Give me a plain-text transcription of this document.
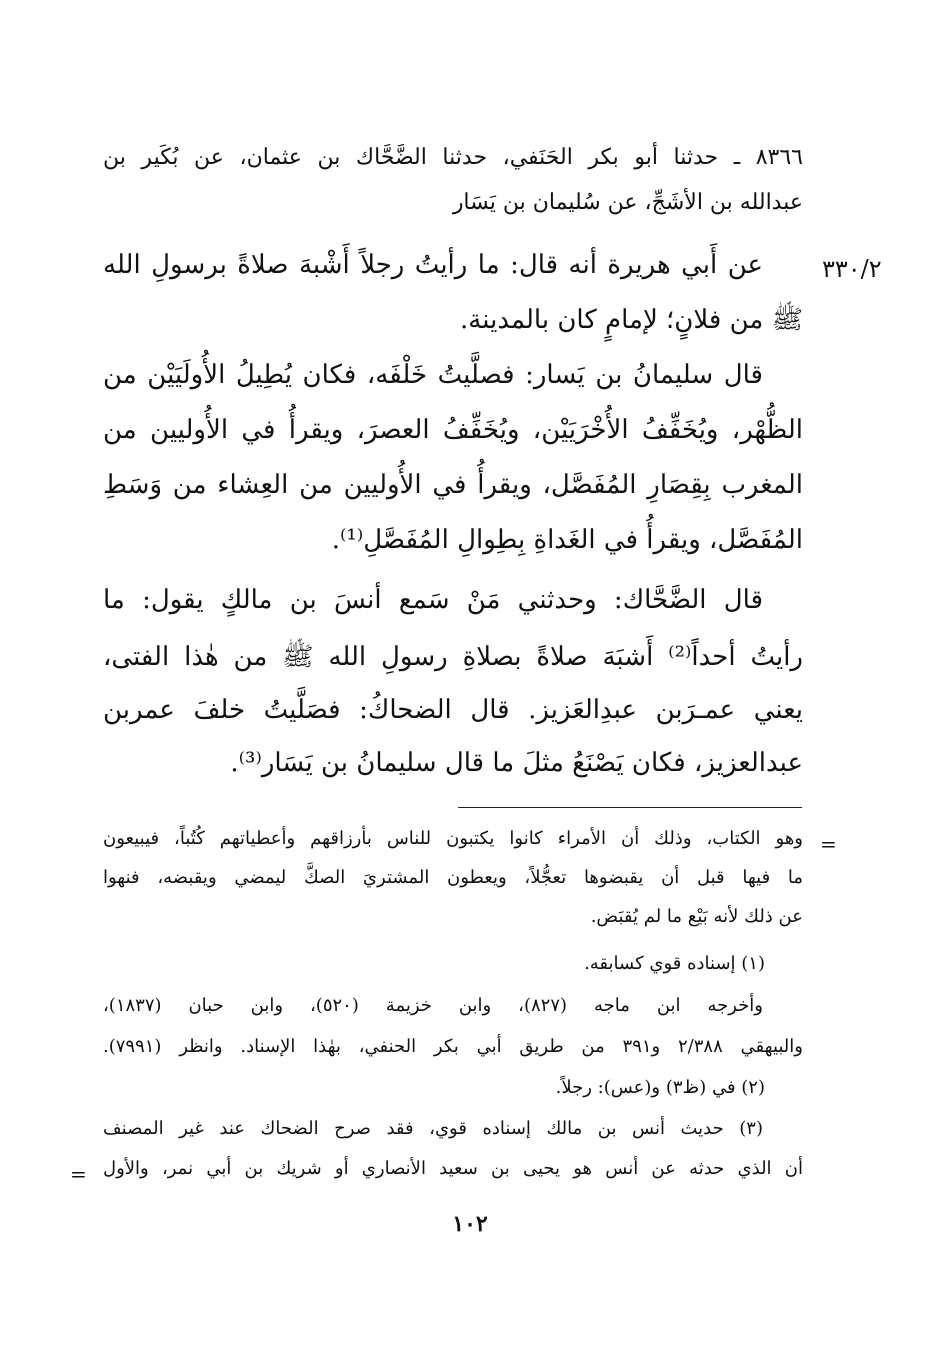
٨٣٦٦ ـ حدثنا أبو بكر الحَنَفي، حدثنا الضَّحَّاك بن عثمان، عن بُكَير بن
عبدالله بن الأشَجِّ، عن سُليمان بن يَسَار
٣٣٠/٢
عن أَبي هريرة أنه قال: ما رأيتُ رجلاً أَشْبهَ صلاةً برسولِ الله
ﷺ من فلانٍ؛ لإمامٍ كان بالمدينة.
قال سليمانُ بن يَسار: فصلَّيتُ خَلْفَه، فكان يُطِيلُ الأُولَيَيْن من
الظُّهْر، ويُخَفِّفُ الأُخْرَيَيْن، ويُخَفِّفُ العصرَ، ويقرأُ في الأُوليين من
المغرب بِقِصَارِ المُفَصَّل، ويقرأُ في الأُوليين من العِشاء من وَسَطِ
المُفَصَّل، ويقرأُ في الغَداةِ بِطِوالِ المُفَصَّلِ⁽¹⁾.
قال الضَّحَّاك: وحدثني مَنْ سَمع أنسَ بن مالكٍ يقول: ما
رأيتُ أحداً⁽²⁾ أَشبَهَ صلاةً بصلاةِ رسولِ الله ﷺ من هٰذا الفتى،
يعني عمـرَبن عبدِالعَزيز. قال الضحاكُ: فصَلَّيتُ خلفَ عمربن
عبدالعزيز، فكان يَصْنَعُ مثلَ ما قال سليمانُ بن يَسَار⁽³⁾.
=
وهو الكتاب، وذلك أن الأمراء كانوا يكتبون للناس بأرزاقهم وأعطياتهم كُتُباً، فيبيعون
ما فيها قبل أن يقبضوها تعجُّلاً، ويعطون المشتريَ الصكَّ ليمضي ويقبضه، فنهوا
عن ذلك لأنه بَيْع ما لم يُقبَض.
(١) إسناده قوي كسابقه.
وأخرجه ابن ماجه (٨٢٧)، وابن خزيمة (٥٢٠)، وابن حبان (١٨٣٧)،
والبيهقي ٢/٣٨٨ و٣٩١ من طريق أبي بكر الحنفي، بهٰذا الإسناد. وانظر (٧٩٩١).
(٢) في (ظ٣) و(عس): رجلاً.
(٣) حديث أنس بن مالك إسناده قوي، فقد صرح الضحاك عند غير المصنف
أن الذي حدثه عن أنس هو يحيى بن سعيد الأنصاري أو شريك بن أبي نمر، والأول
=
١٠٢
